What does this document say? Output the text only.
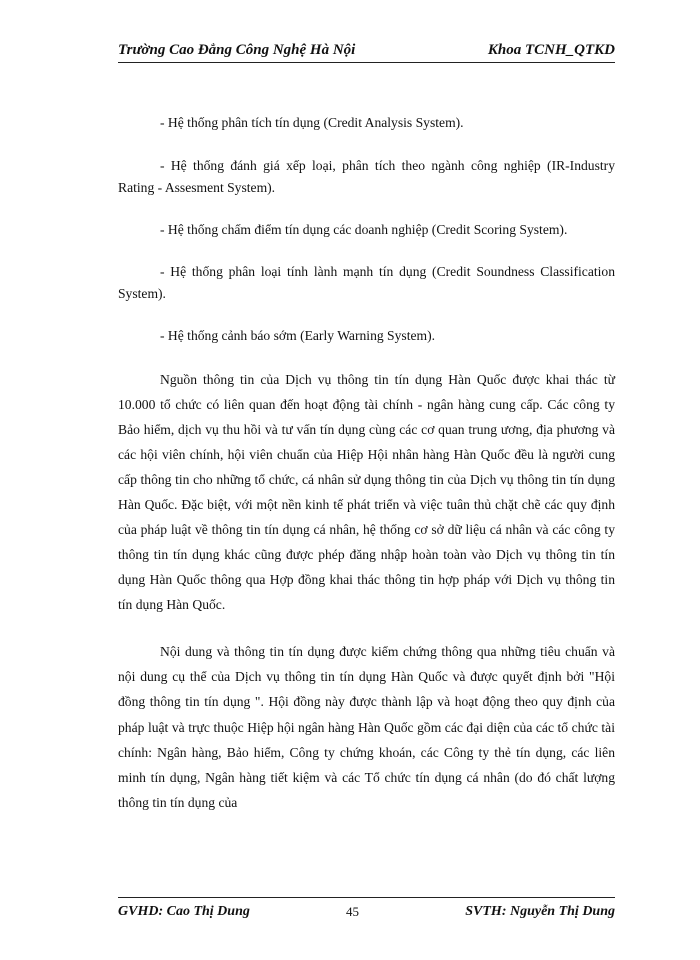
Trường Cao Đẳng Công Nghệ Hà Nội	Khoa TCNH_QTKD

- Hệ thống phân tích tín dụng (Credit Analysis System).

- Hệ thống đánh giá xếp loại, phân tích theo ngành công nghiệp (IR-Industry Rating - Assesment System).

- Hệ thống chấm điểm tín dụng các doanh nghiệp (Credit Scoring System).

- Hệ thống phân loại tính lành mạnh tín dụng (Credit Soundness Classification System).

- Hệ thống cảnh báo sớm (Early Warning System).

Nguồn thông tin của Dịch vụ thông tin tín dụng Hàn Quốc được khai thác từ 10.000 tổ chức có liên quan đến hoạt động tài chính - ngân hàng cung cấp. Các công ty Bảo hiểm, dịch vụ thu hồi và tư vấn tín dụng cùng các cơ quan trung ương, địa phương và các hội viên chính, hội viên chuẩn của Hiệp Hội nhân hàng Hàn Quốc đều là người cung cấp thông tin cho những tổ chức, cá nhân sử dụng thông tin của Dịch vụ thông tin tín dụng Hàn Quốc. Đặc biệt, với một nền kinh tế phát triển và việc tuân thủ chặt chẽ các quy định của pháp luật về thông tin tín dụng cá nhân, hệ thống cơ sở dữ liệu cá nhân và các công ty thông tin tín dụng khác cũng được phép đăng nhập hoàn toàn vào Dịch vụ thông tin tín dụng Hàn Quốc thông qua Hợp đồng khai thác thông tin hợp pháp với Dịch vụ thông tin tín dụng Hàn Quốc.

Nội dung và thông tin tín dụng được kiểm chứng thông qua những tiêu chuẩn và nội dung cụ thể của Dịch vụ thông tin tín dụng Hàn Quốc và được quyết định bởi "Hội đồng thông tin tín dụng ". Hội đồng này được thành lập và hoạt động theo quy định của pháp luật và trực thuộc Hiệp hội ngân hàng Hàn Quốc gồm các đại diện của các tổ chức tài chính: Ngân hàng, Bảo hiểm, Công ty chứng khoán, các Công ty thẻ tín dụng, các liên minh tín dụng, Ngân hàng tiết kiệm và các Tổ chức tín dụng cá nhân (do đó chất lượng thông tin tín dụng của

GVHD: Cao Thị Dung	45	SVTH: Nguyễn Thị Dung
